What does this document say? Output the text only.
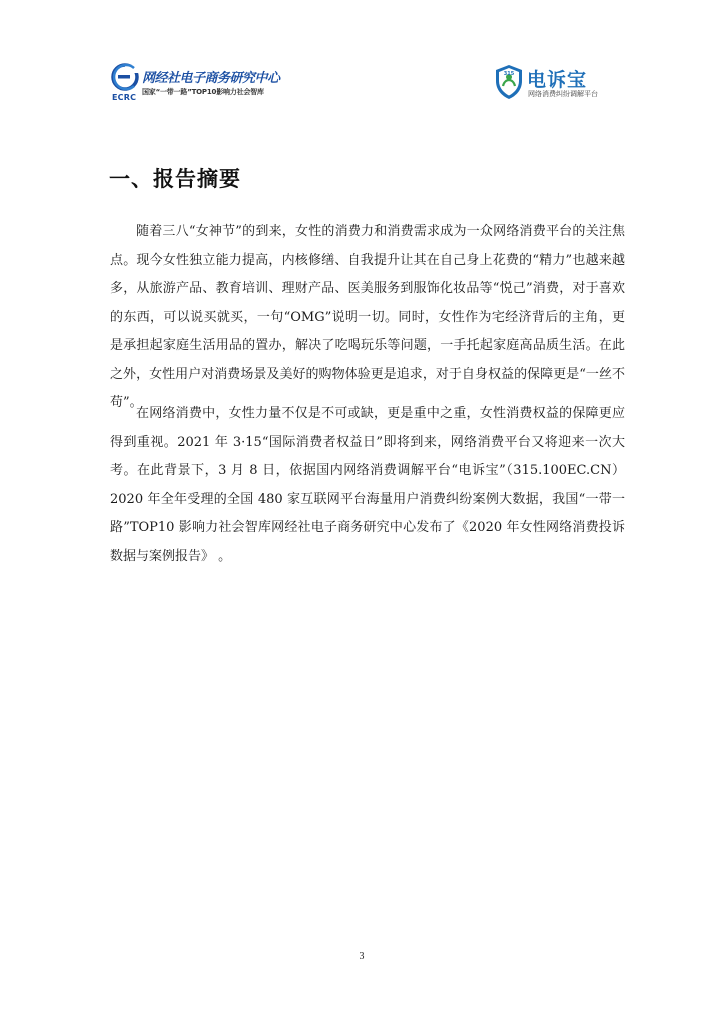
ECRC
网经社电子商务研究中心
国家“一带一路”TOP10影响力社会智库
315 电诉宝
网络消费纠纷调解平台
一、报告摘要

随着三八“女神节”的到来，女性的消费力和消费需求成为一众网络消费平台的关注焦点。现今女性独立能力提高，内核修缮、自我提升让其在自己身上花费的“精力”也越来越多，从旅游产品、教育培训、理财产品、医美服务到服饰化妆品等“悦己”消费，对于喜欢的东西，可以说买就买，一句“OMG”说明一切。同时，女性作为宅经济背后的主角，更是承担起家庭生活用品的置办，解决了吃喝玩乐等问题，一手托起家庭高品质生活。在此之外，女性用户对消费场景及美好的购物体验更是追求，对于自身权益的保障更是“一丝不苟”。

在网络消费中，女性力量不仅是不可或缺，更是重中之重，女性消费权益的保障更应得到重视。2021 年 3·15“国际消费者权益日”即将到来，网络消费平台又将迎来一次大考。在此背景下，3 月 8 日，依据国内网络消费调解平台“电诉宝”（315.100EC.CN）2020 年全年受理的全国 480 家互联网平台海量用户消费纠纷案例大数据，我国“一带一路”TOP10 影响力社会智库网经社电子商务研究中心发布了《2020 年女性网络消费投诉数据与案例报告》 。

3
